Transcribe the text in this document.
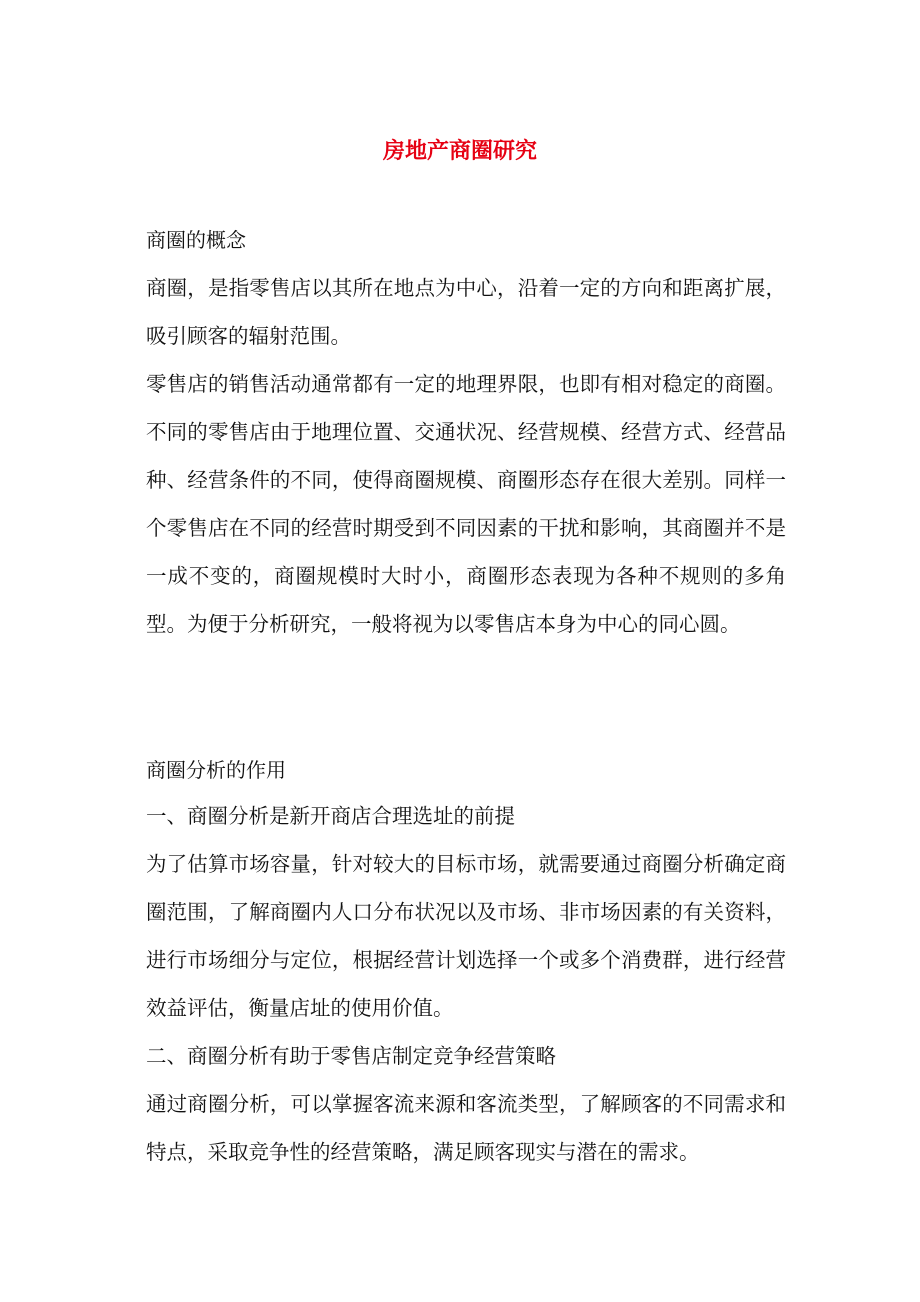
房地产商圈研究
商圈的概念

商圈，是指零售店以其所在地点为中心，沿着一定的方向和距离扩展，吸引顾客的辐射范围。

零售店的销售活动通常都有一定的地理界限，也即有相对稳定的商圈。不同的零售店由于地理位置、交通状况、经营规模、经营方式、经营品种、经营条件的不同，使得商圈规模、商圈形态存在很大差别。同样一个零售店在不同的经营时期受到不同因素的干扰和影响，其商圈并不是一成不变的，商圈规模时大时小，商圈形态表现为各种不规则的多角型。为便于分析研究，一般将视为以零售店本身为中心的同心圆。

商圈分析的作用

一、商圈分析是新开商店合理选址的前提

为了估算市场容量，针对较大的目标市场，就需要通过商圈分析确定商圈范围，了解商圈内人口分布状况以及市场、非市场因素的有关资料，进行市场细分与定位，根据经营计划选择一个或多个消费群，进行经营效益评估，衡量店址的使用价值。

二、商圈分析有助于零售店制定竞争经营策略

通过商圈分析，可以掌握客流来源和客流类型，了解顾客的不同需求和特点，采取竞争性的经营策略，满足顾客现实与潜在的需求。
